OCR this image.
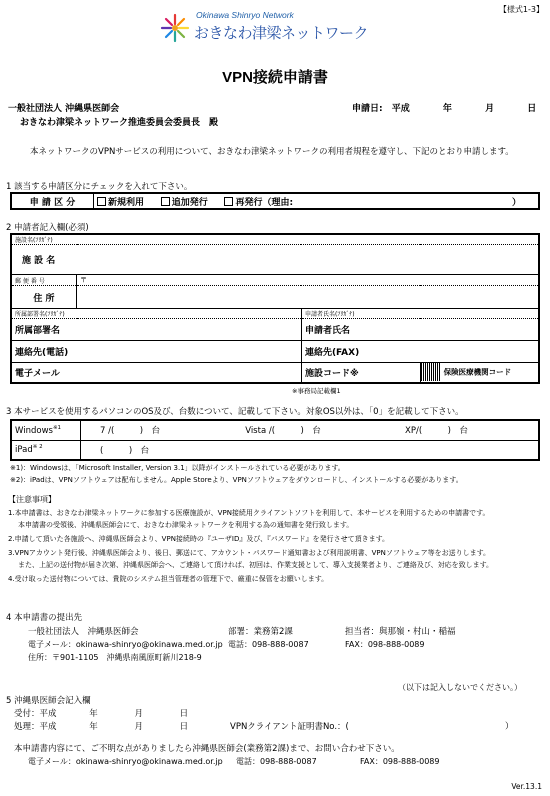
【様式1-3】
Okinawa Shinryo Network
おきなわ津梁ネットワーク
VPN接続申請書
一般社団法人 沖縄県医師会
おきなわ津梁ネットワーク推進委員会委員長　殿
申請日: 平成	年	月	日
本ネットワークのVPNサービスの利用について、おきなわ津梁ネットワークの利用者規程を遵守し、下記のとおり申請します。
1 該当する申請区分にチェックを入れて下さい。
申 請 区 分	新規利用	追加発行	再発行（理由:	）
2 申請者記入欄(必須)
施設名(ﾌﾘｶﾞﾅ)			
施 設 名			
郵 便 番 号	〒		
住 所			
所属部署名(ﾌﾘｶﾞﾅ)		申請者氏名(ﾌﾘｶﾞﾅ)	
所属部署名		申請者氏名	
連絡先(電話)		連絡先(FAX)	
電子メール		施設コード※	保険医療機関コード
※事務局記載欄1
3 本サービスを使用するパソコンのOS及び、台数について、記載して下さい。対象OS以外は、「0」を記載して下さい。
Windows$^{※1}$	7 /(　　　)　台	Vista /(　　　)　台	XP/(　　　)　台
iPad$^{※ 2}$	(　　　)　台		
※1)：Windowsは、「Microsoft Installer, Version 3.1」以降がインストールされている必要があります。
※2)：iPadは、VPNソフトウェアは配布しません。Apple Storeより、VPNソフトウェアをダウンロードし、インストールする必要があります。
【注意事項】
1.本申請書は、おきなわ津梁ネットワークに参加する医療施設が、VPN接続用クライアントソフトを利用して、本サービスを利用するための申請書です。
本申請書の受領後、沖縄県医師会にて、おきなわ津梁ネットワークを利用する為の通知書を発行致します。
2.申請して頂いた各施設へ、沖縄県医師会より、VPN接続時の『ユーザID』及び、『パスワード』を発行させて頂きます。
3.VPNアカウント発行後、沖縄県医師会より、後日、郵送にて、アカウント・パスワード通知書および利用説明書、VPNソフトウェア等をお送りします。
また、上記の送付物が届き次第、沖縄県医師会へ、ご連絡して頂ければ、初回は、作業支援として、導入支援業者より、ご連絡及び、対応を致します。
4.受け取った送付物については、貴院のシステム担当管理者の管理下で、厳重に保管をお願いします。
4 本申請書の提出先
一般社団法人　沖縄県医師会	部署：業務第2課	担当者：與那嶺・村山・稲福
電子メール：okinawa-shinryo@okinawa.med.or.jp 電話：098-888-0087	FAX：098-888-0089
住所：〒901-1105　沖縄県南風原町新川218-9
（以下は記入しないでください。）
5 沖縄県医師会記入欄
受付：平成	年	月	日
処理：平成	年	月	日	VPNクライアント証明書No.：(	）
本申請書内容にて、ご不明な点がありましたら沖縄県医師会(業務第2課)まで、お問い合わせ下さい。
電子メール：okinawa-shinryo@okinawa.med.or.jp 電話：098-888-0087	FAX：098-888-0089
Ver.13.1
